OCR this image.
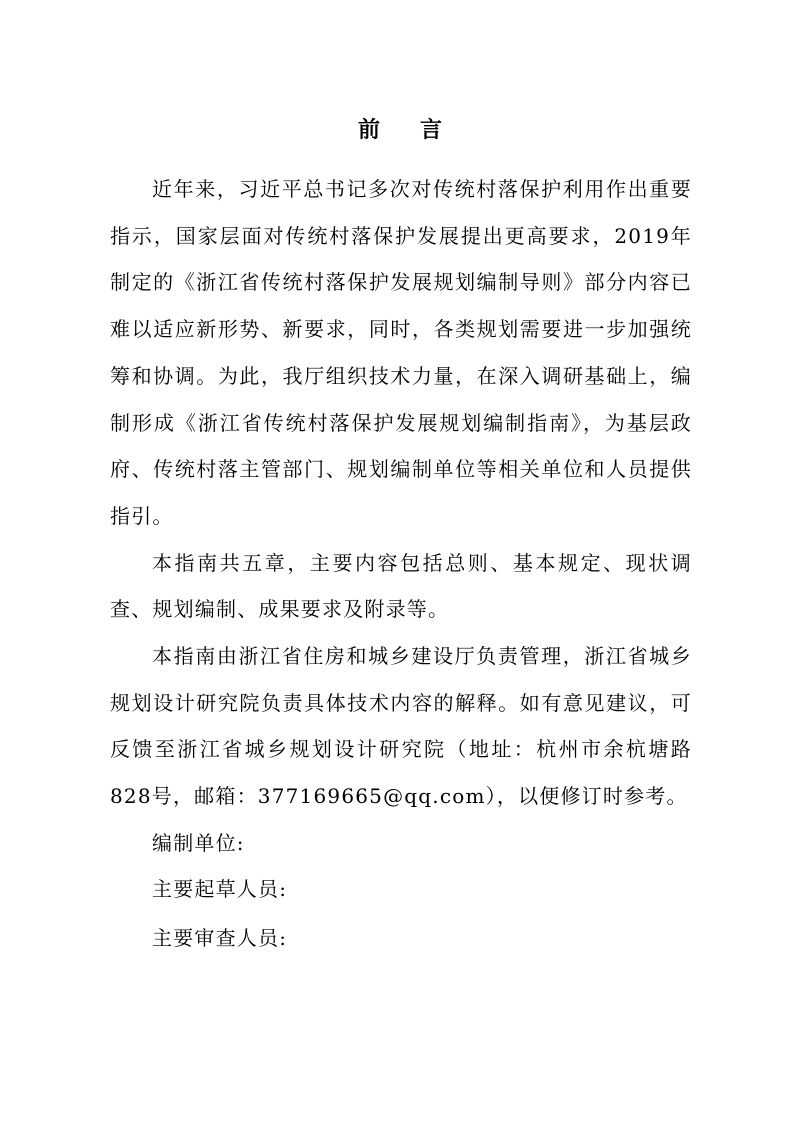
前 言

近年来，习近平总书记多次对传统村落保护利用作出重要指示，国家层面对传统村落保护发展提出更高要求，2019年制定的《浙江省传统村落保护发展规划编制导则》部分内容已难以适应新形势、新要求，同时，各类规划需要进一步加强统筹和协调。为此，我厅组织技术力量，在深入调研基础上，编制形成《浙江省传统村落保护发展规划编制指南》，为基层政府、传统村落主管部门、规划编制单位等相关单位和人员提供指引。

本指南共五章，主要内容包括总则、基本规定、现状调查、规划编制、成果要求及附录等。

本指南由浙江省住房和城乡建设厅负责管理，浙江省城乡规划设计研究院负责具体技术内容的解释。如有意见建议，可反馈至浙江省城乡规划设计研究院（地址：杭州市余杭塘路828号，邮箱：377169665@qq.com），以便修订时参考。

编制单位:

主要起草人员:

主要审查人员:
